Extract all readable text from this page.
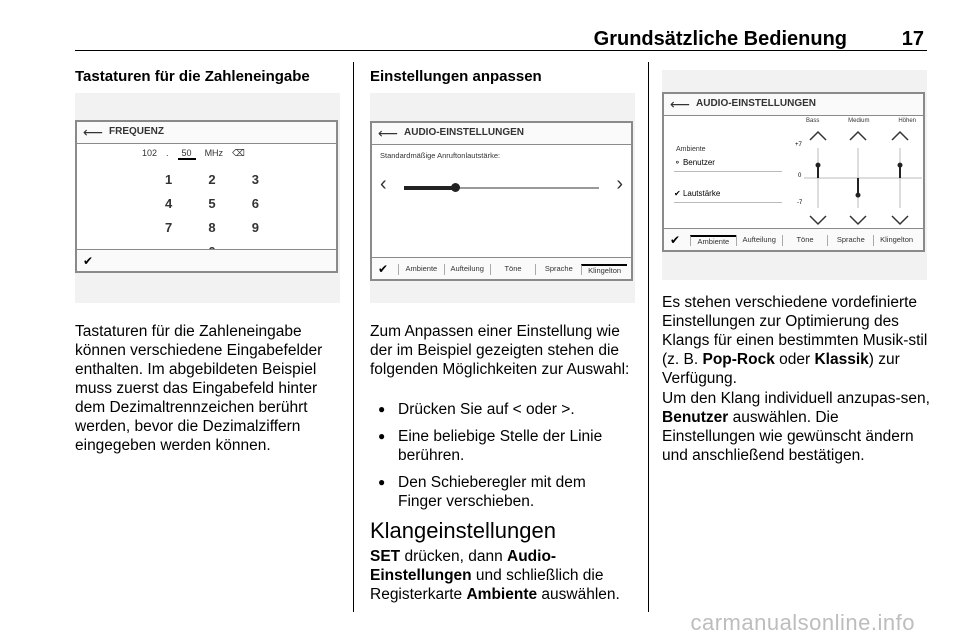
Grundsätzliche Bedienung	17
Tastaturen für die Zahleneingabe
⟵ FREQUENZ
102 .	50	MHz ⌫
1	2	3
4	5	6
7	8	9
✔
Tastaturen für die Zahleneingabe können verschiedene Eingabefelder enthalten. Im abgebildeten Beispiel muss zuerst das Eingabefeld hinter dem Dezimaltrennzeichen berührt werden, bevor die Dezimalziffern eingegeben werden können.
Einstellungen anpassen
⟵ AUDIO-EINSTELLUNGEN
Standardmäßige Anruftonlautstärke:
‹	›
✔	Ambiente	Aufteilung	Töne	Sprache	Klingelton
Zum Anpassen einer Einstellung wie der im Beispiel gezeigten stehen die folgenden Möglichkeiten zur Auswahl:
● Drücken Sie auf < oder >.
● Eine beliebige Stelle der Linie berühren.
● Den Schieberegler mit dem Finger verschieben.
Klangeinstellungen
SET drücken, dann Audio-Einstellungen und schließlich die Registerkarte Ambiente auswählen.
⟵ AUDIO-EINSTELLUNGEN
Bass	Medium	Höhen
+7
0
-7
Ambiente
⚬ Benutzer
✔ Lautstärke
✔	Ambiente	Aufteilung	Töne	Sprache	Klingelton
Es stehen verschiedene vordefinierte Einstellungen zur Optimierung des Klangs für einen bestimmten Musik-stil (z. B. Pop-Rock oder Klassik) zur Verfügung.
Um den Klang individuell anzupas-sen, Benutzer auswählen. Die Einstellungen wie gewünscht ändern und anschließend bestätigen.
carmanualsonline.info
